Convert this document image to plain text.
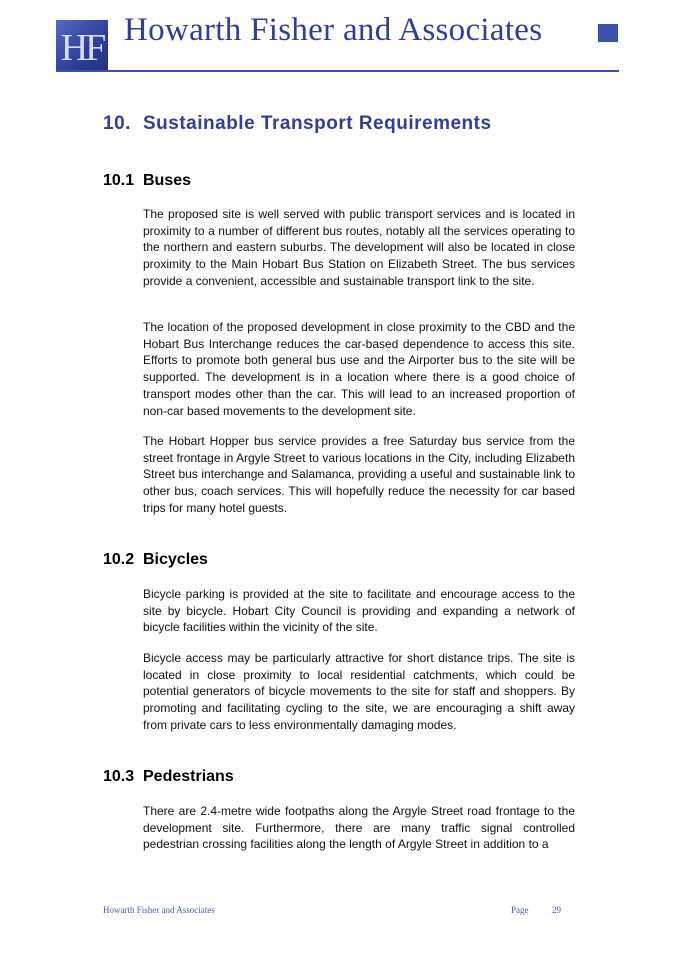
HF Howarth Fisher and Associates
10. Sustainable Transport Requirements
10.1 Buses

The proposed site is well served with public transport services and is located in proximity to a number of different bus routes, notably all the services operating to the northern and eastern suburbs. The development will also be located in close proximity to the Main Hobart Bus Station on Elizabeth Street. The bus services provide a convenient, accessible and sustainable transport link to the site.

The location of the proposed development in close proximity to the CBD and the Hobart Bus Interchange reduces the car-based dependence to access this site. Efforts to promote both general bus use and the Airporter bus to the site will be supported. The development is in a location where there is a good choice of transport modes other than the car. This will lead to an increased proportion of non-car based movements to the development site.

The Hobart Hopper bus service provides a free Saturday bus service from the street frontage in Argyle Street to various locations in the City, including Elizabeth Street bus interchange and Salamanca, providing a useful and sustainable link to other bus, coach services. This will hopefully reduce the necessity for car based trips for many hotel guests.

10.2 Bicycles

Bicycle parking is provided at the site to facilitate and encourage access to the site by bicycle. Hobart City Council is providing and expanding a network of bicycle facilities within the vicinity of the site.

Bicycle access may be particularly attractive for short distance trips. The site is located in close proximity to local residential catchments, which could be potential generators of bicycle movements to the site for staff and shoppers. By promoting and facilitating cycling to the site, we are encouraging a shift away from private cars to less environmentally damaging modes.

10.3 Pedestrians

There are 2.4-metre wide footpaths along the Argyle Street road frontage to the development site. Furthermore, there are many traffic signal controlled pedestrian crossing facilities along the length of Argyle Street in addition to a

Howarth Fisher and Associates	Page	29
